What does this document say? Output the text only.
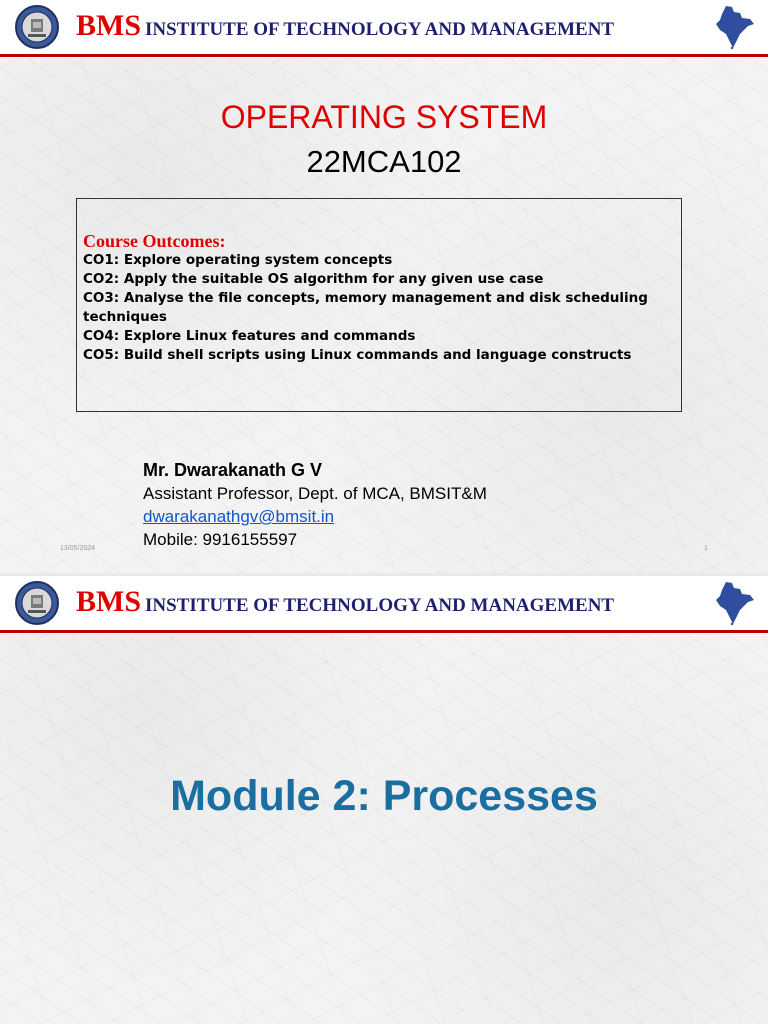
BMS INSTITUTE OF TECHNOLOGY AND MANAGEMENT
OPERATING SYSTEM
22MCA102
Course Outcomes:
CO1: Explore operating system concepts
CO2: Apply the suitable OS algorithm for any given use case
CO3: Analyse the file concepts, memory management and disk scheduling techniques
CO4: Explore Linux features and commands
CO5: Build shell scripts using Linux commands and language constructs
Mr. Dwarakanath G V
Assistant Professor, Dept. of MCA, BMSIT&M
dwarakanathgv@bmsit.in
Mobile: 9916155597
13/05/2024	1
BMS INSTITUTE OF TECHNOLOGY AND MANAGEMENT
Module 2: Processes
